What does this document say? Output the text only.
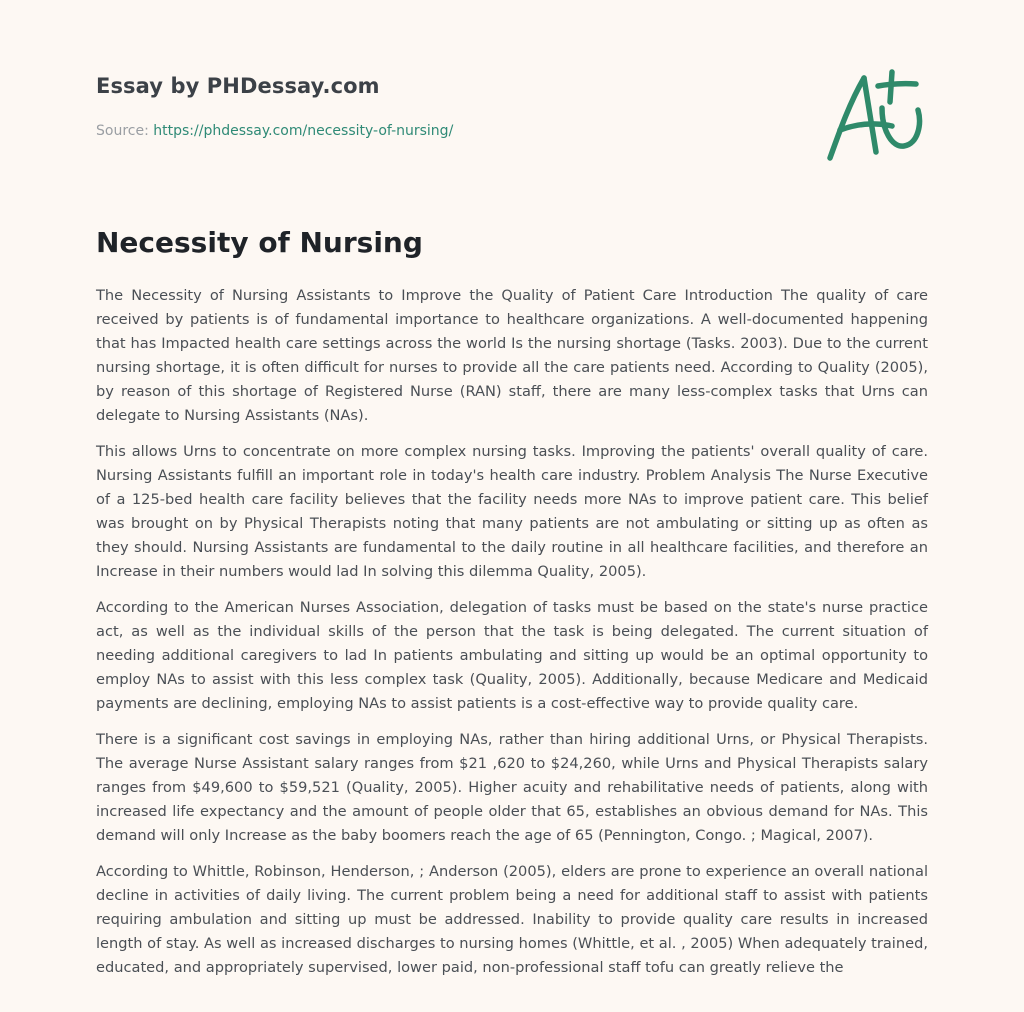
Essay by PHDessay.com
Source: https://phdessay.com/necessity-of-nursing/
Necessity of Nursing

The Necessity of Nursing Assistants to Improve the Quality of Patient Care Introduction The quality of care received by patients is of fundamental importance to healthcare organizations. A well-documented happening that has Impacted health care settings across the world Is the nursing shortage (Tasks. 2003). Due to the current nursing shortage, it is often difficult for nurses to provide all the care patients need. According to Quality (2005), by reason of this shortage of Registered Nurse (RAN) staff, there are many less-complex tasks that Urns can delegate to Nursing Assistants (NAs).

This allows Urns to concentrate on more complex nursing tasks. Improving the patients' overall quality of care. Nursing Assistants fulfill an important role in today's health care industry. Problem Analysis The Nurse Executive of a 125-bed health care facility believes that the facility needs more NAs to improve patient care. This belief was brought on by Physical Therapists noting that many patients are not ambulating or sitting up as often as they should. Nursing Assistants are fundamental to the daily routine in all healthcare facilities, and therefore an Increase in their numbers would lad In solving this dilemma Quality, 2005).

According to the American Nurses Association, delegation of tasks must be based on the state's nurse practice act, as well as the individual skills of the person that the task is being delegated. The current situation of needing additional caregivers to lad In patients ambulating and sitting up would be an optimal opportunity to employ NAs to assist with this less complex task (Quality, 2005). Additionally, because Medicare and Medicaid payments are declining, employing NAs to assist patients is a cost-effective way to provide quality care.

There is a significant cost savings in employing NAs, rather than hiring additional Urns, or Physical Therapists. The average Nurse Assistant salary ranges from $21 ,620 to $24,260, while Urns and Physical Therapists salary ranges from $49,600 to $59,521 (Quality, 2005). Higher acuity and rehabilitative needs of patients, along with increased life expectancy and the amount of people older that 65, establishes an obvious demand for NAs. This demand will only Increase as the baby boomers reach the age of 65 (Pennington, Congo. ; Magical, 2007).

According to Whittle, Robinson, Henderson, ; Anderson (2005), elders are prone to experience an overall national decline in activities of daily living. The current problem being a need for additional staff to assist with patients requiring ambulation and sitting up must be addressed. Inability to provide quality care results in increased length of stay. As well as increased discharges to nursing homes (Whittle, et al. , 2005) When adequately trained, educated, and appropriately supervised, lower paid, non-professional staff tofu can greatly relieve the
